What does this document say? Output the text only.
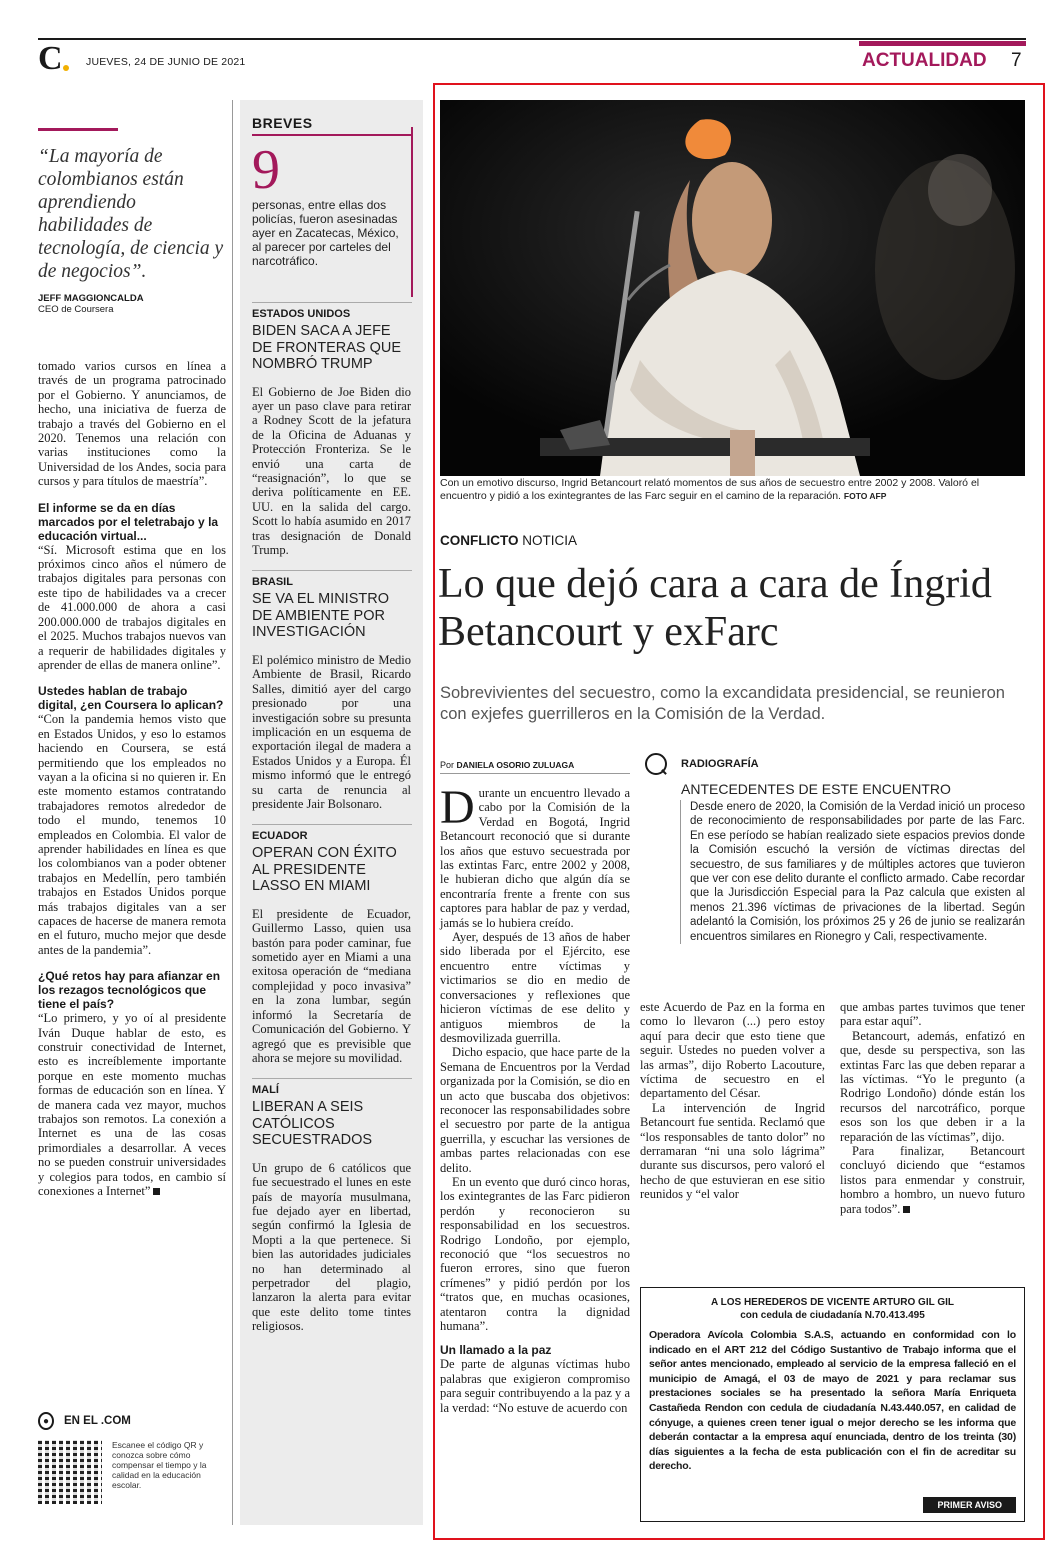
C JUEVES, 24 DE JUNIO DE 2021	ACTUALIDAD 7
“La mayoría de colombianos están aprendiendo habilidades de tecnología, de ciencia y de negocios”.
JEFF MAGGIONCALDA
CEO de Coursera

tomado varios cursos en línea a través de un programa patrocinado por el Gobierno. Y anunciamos, de hecho, una iniciativa de fuerza de trabajo a través del Gobierno en el 2020. Tenemos una relación con varias instituciones como la Universidad de los Andes, socia para cursos y para títulos de maestría”.

El informe se da en días marcados por el teletrabajo y la educación virtual...

“Sí. Microsoft estima que en los próximos cinco años el número de trabajos digitales para personas con este tipo de habilidades va a crecer de 41.000.000 de ahora a casi 200.000.000 de trabajos digitales en el 2025. Muchos trabajos nuevos van a requerir de habilidades digitales y aprender de ellas de manera online”.

Ustedes hablan de trabajo digital, ¿en Coursera lo aplican?

“Con la pandemia hemos visto que en Estados Unidos, y eso lo estamos haciendo en Coursera, se está permitiendo que los empleados no vayan a la oficina si no quieren ir. En este momento estamos contratando trabajadores remotos alrededor de todo el mundo, tenemos 10 empleados en Colombia. El valor de aprender habilidades en línea es que los colombianos van a poder obtener trabajos en Medellín, pero también trabajos en Estados Unidos porque más trabajos digitales van a ser capaces de hacerse de manera remota en el futuro, mucho mejor que desde antes de la pandemia”.

¿Qué retos hay para afianzar en los rezagos tecnológicos que tiene el país?

“Lo primero, y yo oí al presidente Iván Duque hablar de esto, es construir conectividad de Internet, esto es increíblemente importante porque en este momento muchas formas de educación son en línea. Y de manera cada vez mayor, muchos trabajos son remotos. La conexión a Internet es una de las cosas primordiales a desarrollar. A veces no se pueden construir universidades y colegios para todos, en cambio sí conexiones a Internet”

●	EN EL .COM
Escanee el código QR y conozca sobre cómo compensar el tiempo y la calidad en la educación escolar.
BREVES
9
personas, entre ellas dos policías, fueron asesinadas ayer en Zacatecas, México, al parecer por carteles del narcotráfico.
ESTADOS UNIDOS
BIDEN SACA A JEFE DE FRONTERAS QUE NOMBRÓ TRUMP

El Gobierno de Joe Biden dio ayer un paso clave para retirar a Rodney Scott de la jefatura de la Oficina de Aduanas y Protección Fronteriza. Se le envió una carta de “reasignación”, lo que se deriva políticamente en EE. UU. en la salida del cargo. Scott lo había asumido en 2017 tras designación de Donald Trump.

BRASIL
SE VA EL MINISTRO DE AMBIENTE POR INVESTIGACIÓN

El polémico ministro de Medio Ambiente de Brasil, Ricardo Salles, dimitió ayer del cargo presionado por una investigación sobre su presunta implicación en un esquema de exportación ilegal de madera a Estados Unidos y a Europa. Él mismo informó que le entregó su carta de renuncia al presidente Jair Bolsonaro.

ECUADOR
OPERAN CON ÉXITO AL PRESIDENTE LASSO EN MIAMI

El presidente de Ecuador, Guillermo Lasso, quien usa bastón para poder caminar, fue sometido ayer en Miami a una exitosa operación de “mediana complejidad y poco invasiva” en la zona lumbar, según informó la Secretaría de Comunicación del Gobierno. Y agregó que es previsible que ahora se mejore su movilidad.

MALÍ
LIBERAN A SEIS CATÓLICOS SECUESTRADOS

Un grupo de 6 católicos que fue secuestrado el lunes en este país de mayoría musulmana, fue dejado ayer en libertad, según confirmó la Iglesia de Mopti a la que pertenece. Si bien las autoridades judiciales no han determinado al perpetrador del plagio, lanzaron la alerta para evitar que este delito tome tintes religiosos.

Con un emotivo discurso, Ingrid Betancourt relató momentos de sus años de secuestro entre 2002 y 2008. Valoró el encuentro y pidió a los exintegrantes de las Farc seguir en el camino de la reparación. FOTO AFP
CONFLICTO NOTICIA
Lo que dejó cara a cara de Íngrid Betancourt y exFarc
Sobrevivientes del secuestro, como la excandidata presidencial, se reunieron con exjefes guerrilleros en la Comisión de la Verdad.
Por DANIELA OSORIO ZULUAGA

Durante un encuentro llevado a cabo por la Comisión de la Verdad en Bogotá, Ingrid Betancourt reconoció que si durante los años que estuvo secuestrada por las extintas Farc, entre 2002 y 2008, le hubieran dicho que algún día se encontraría frente a frente con sus captores para hablar de paz y verdad, jamás se lo hubiera creído.

Ayer, después de 13 años de haber sido liberada por el Ejército, ese encuentro entre víctimas y victimarios se dio en medio de conversaciones y reflexiones que hicieron víctimas de ese delito y antiguos miembros de la desmovilizada guerrilla.

Dicho espacio, que hace parte de la Semana de Encuentros por la Verdad organizada por la Comisión, se dio en un acto que buscaba dos objetivos: reconocer las responsabilidades sobre el secuestro por parte de la antigua guerrilla, y escuchar las versiones de ambas partes relacionadas con ese delito.

En un evento que duró cinco horas, los exintegrantes de las Farc pidieron perdón y reconocieron su responsabilidad en los secuestros. Rodrigo Londoño, por ejemplo, reconoció que “los secuestros no fueron errores, sino que fueron crímenes” y pidió perdón por los “tratos que, en muchas ocasiones, atentaron contra la dignidad humana”.

Un llamado a la paz

De parte de algunas víctimas hubo palabras que exigieron compromiso para seguir contribuyendo a la paz y a la verdad: “No estuve de acuerdo con

RADIOGRAFÍA
ANTECEDENTES DE ESTE ENCUENTRO

Desde enero de 2020, la Comisión de la Verdad inició un proceso de reconocimiento de responsabilidades por parte de las Farc. En ese período se habían realizado siete espacios previos donde la Comisión escuchó la versión de víctimas directas del secuestro, de sus familiares y de múltiples actores que tuvieron que ver con ese delito durante el conflicto armado. Cabe recordar que la Jurisdicción Especial para la Paz calcula que existen al menos 21.396 víctimas de privaciones de la libertad. Según adelantó la Comisión, los próximos 25 y 26 de junio se realizarán encuentros similares en Rionegro y Cali, respectivamente.

este Acuerdo de Paz en la forma en como lo llevaron (...) pero estoy aquí para decir que esto tiene que seguir. Ustedes no pueden volver a las armas”, dijo Roberto Lacouture, víctima de secuestro en el departamento del César.

La intervención de Ingrid Betancourt fue sentida. Reclamó que “los responsables de tanto dolor” no derramaran “ni una solo lágrima” durante sus discursos, pero valoró el hecho de que estuvieran en ese sitio reunidos y “el valor

que ambas partes tuvimos que tener para estar aquí”.

Betancourt, además, enfatizó en que, desde su perspectiva, son las extintas Farc las que deben reparar a las víctimas. “Yo le pregunto (a Rodrigo Londoño) dónde están los recursos del narcotráfico, porque esos son los que deben ir a la reparación de las víctimas”, dijo.

Para finalizar, Betancourt concluyó diciendo que “estamos listos para enmendar y construir, hombro a hombro, un nuevo futuro para todos”.

A LOS HEREDEROS DE VICENTE ARTURO GIL GIL
con cedula de ciudadanía N.70.413.495
Operadora Avícola Colombia S.A.S, actuando en conformidad con lo indicado en el ART 212 del Código Sustantivo de Trabajo informa que el señor antes mencionado, empleado al servicio de la empresa falleció en el municipio de Amagá, el 03 de mayo de 2021 y para reclamar sus prestaciones sociales se ha presentado la señora María Enriqueta Castañeda Rendon con cedula de ciudadanía N.43.440.057, en calidad de cónyuge, a quienes creen tener igual o mejor derecho se les informa que deberán contactar a la empresa aquí enunciada, dentro de los treinta (30) días siguientes a la fecha de esta publicación con el fin de acreditar su derecho.
PRIMER AVISO
